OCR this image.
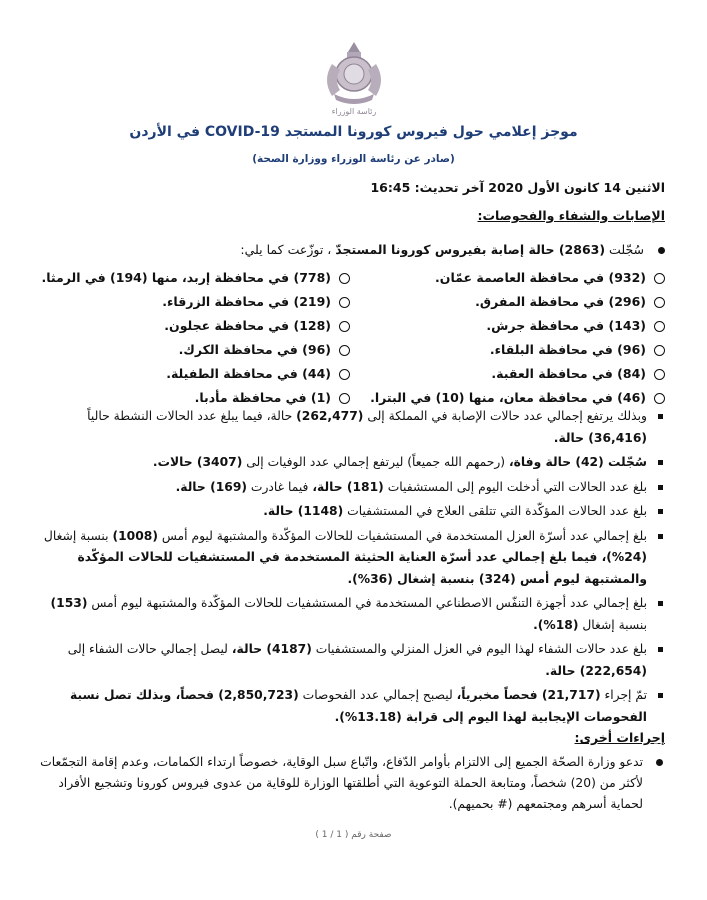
رئاسة الوزراء
موجز إعلامي حول فيروس كورونا المستجد COVID-19 في الأردن
(صادر عن رئاسة الوزراء ووزارة الصحة)
الاثنين 14 كانون الأول 2020 آخر تحديث: 16:45
الإصابات والشفاء والفحوصات:
سُجّلت (2863) حالة إصابة بفيروس كورونا المستجدّ ، توزّعت كما يلي:
(932) في محافظة العاصمة عمّان.
(778) في محافظة إربد، منها (194) في الرمثا.
(296) في محافظة المفرق.
(219) في محافظة الزرقاء.
(143) في محافظة جرش.
(128) في محافظة عجلون.
(96) في محافظة البلقاء.
(96) في محافظة الكرك.
(84) في محافظة العقبة.
(44) في محافظة الطفيلة.
(46) في محافظة معان، منها (10) في البترا.
(1) في محافظة مأدبا.
وبذلك يرتفع إجمالي عدد حالات الإصابة في المملكة إلى (262,477) حالة، فيما يبلغ عدد الحالات النشطة حالياً (36,416) حالة.
سُجّلت (42) حالة وفاة، (رحمهم الله جميعاً) ليرتفع إجمالي عدد الوفيات إلى (3407) حالات.
بلغ عدد الحالات التي أدخلت اليوم إلى المستشفيات (181) حالة، فيما غادرت (169) حالة.
بلغ عدد الحالات المؤكّدة التي تتلقى العلاج في المستشفيات (1148) حالة.
بلغ إجمالي عدد أسرّة العزل المستخدمة في المستشفيات للحالات المؤكّدة والمشتبهة ليوم أمس (1008) بنسبة إشغال (24%)، فيما بلغ إجمالي عدد أسرّة العناية الحثيثة المستخدمة في المستشفيات للحالات المؤكّدة والمشتبهة ليوم أمس (324) بنسبة إشغال (36%).
بلغ إجمالي عدد أجهزة التنفّس الاصطناعي المستخدمة في المستشفيات للحالات المؤكّدة والمشتبهة ليوم أمس (153) بنسبة إشغال (18%).
بلغ عدد حالات الشفاء لهذا اليوم في العزل المنزلي والمستشفيات (4187) حالة، ليصل إجمالي حالات الشفاء إلى (222,654) حالة.
تمّ إجراء (21,717) فحصاً مخبرياً، ليصبح إجمالي عدد الفحوصات (2,850,723) فحصاً، وبذلك تصل نسبة الفحوصات الإيجابية لهذا اليوم إلى قرابة (13.18%).
إجراءات أخرى:
تدعو وزارة الصحّة الجميع إلى الالتزام بأوامر الدّفاع، واتّباع سبل الوقاية، خصوصاً ارتداء الكمامات، وعدم إقامة التجمّعات لأكثر من (20) شخصاً، ومتابعة الحملة التوعوية التي أطلقتها الوزارة للوقاية من عدوى فيروس كورونا وتشجيع الأفراد لحماية أسرهم ومجتمعهم (# بحميهم).
صفحة رقم ( 1 / 1 )
